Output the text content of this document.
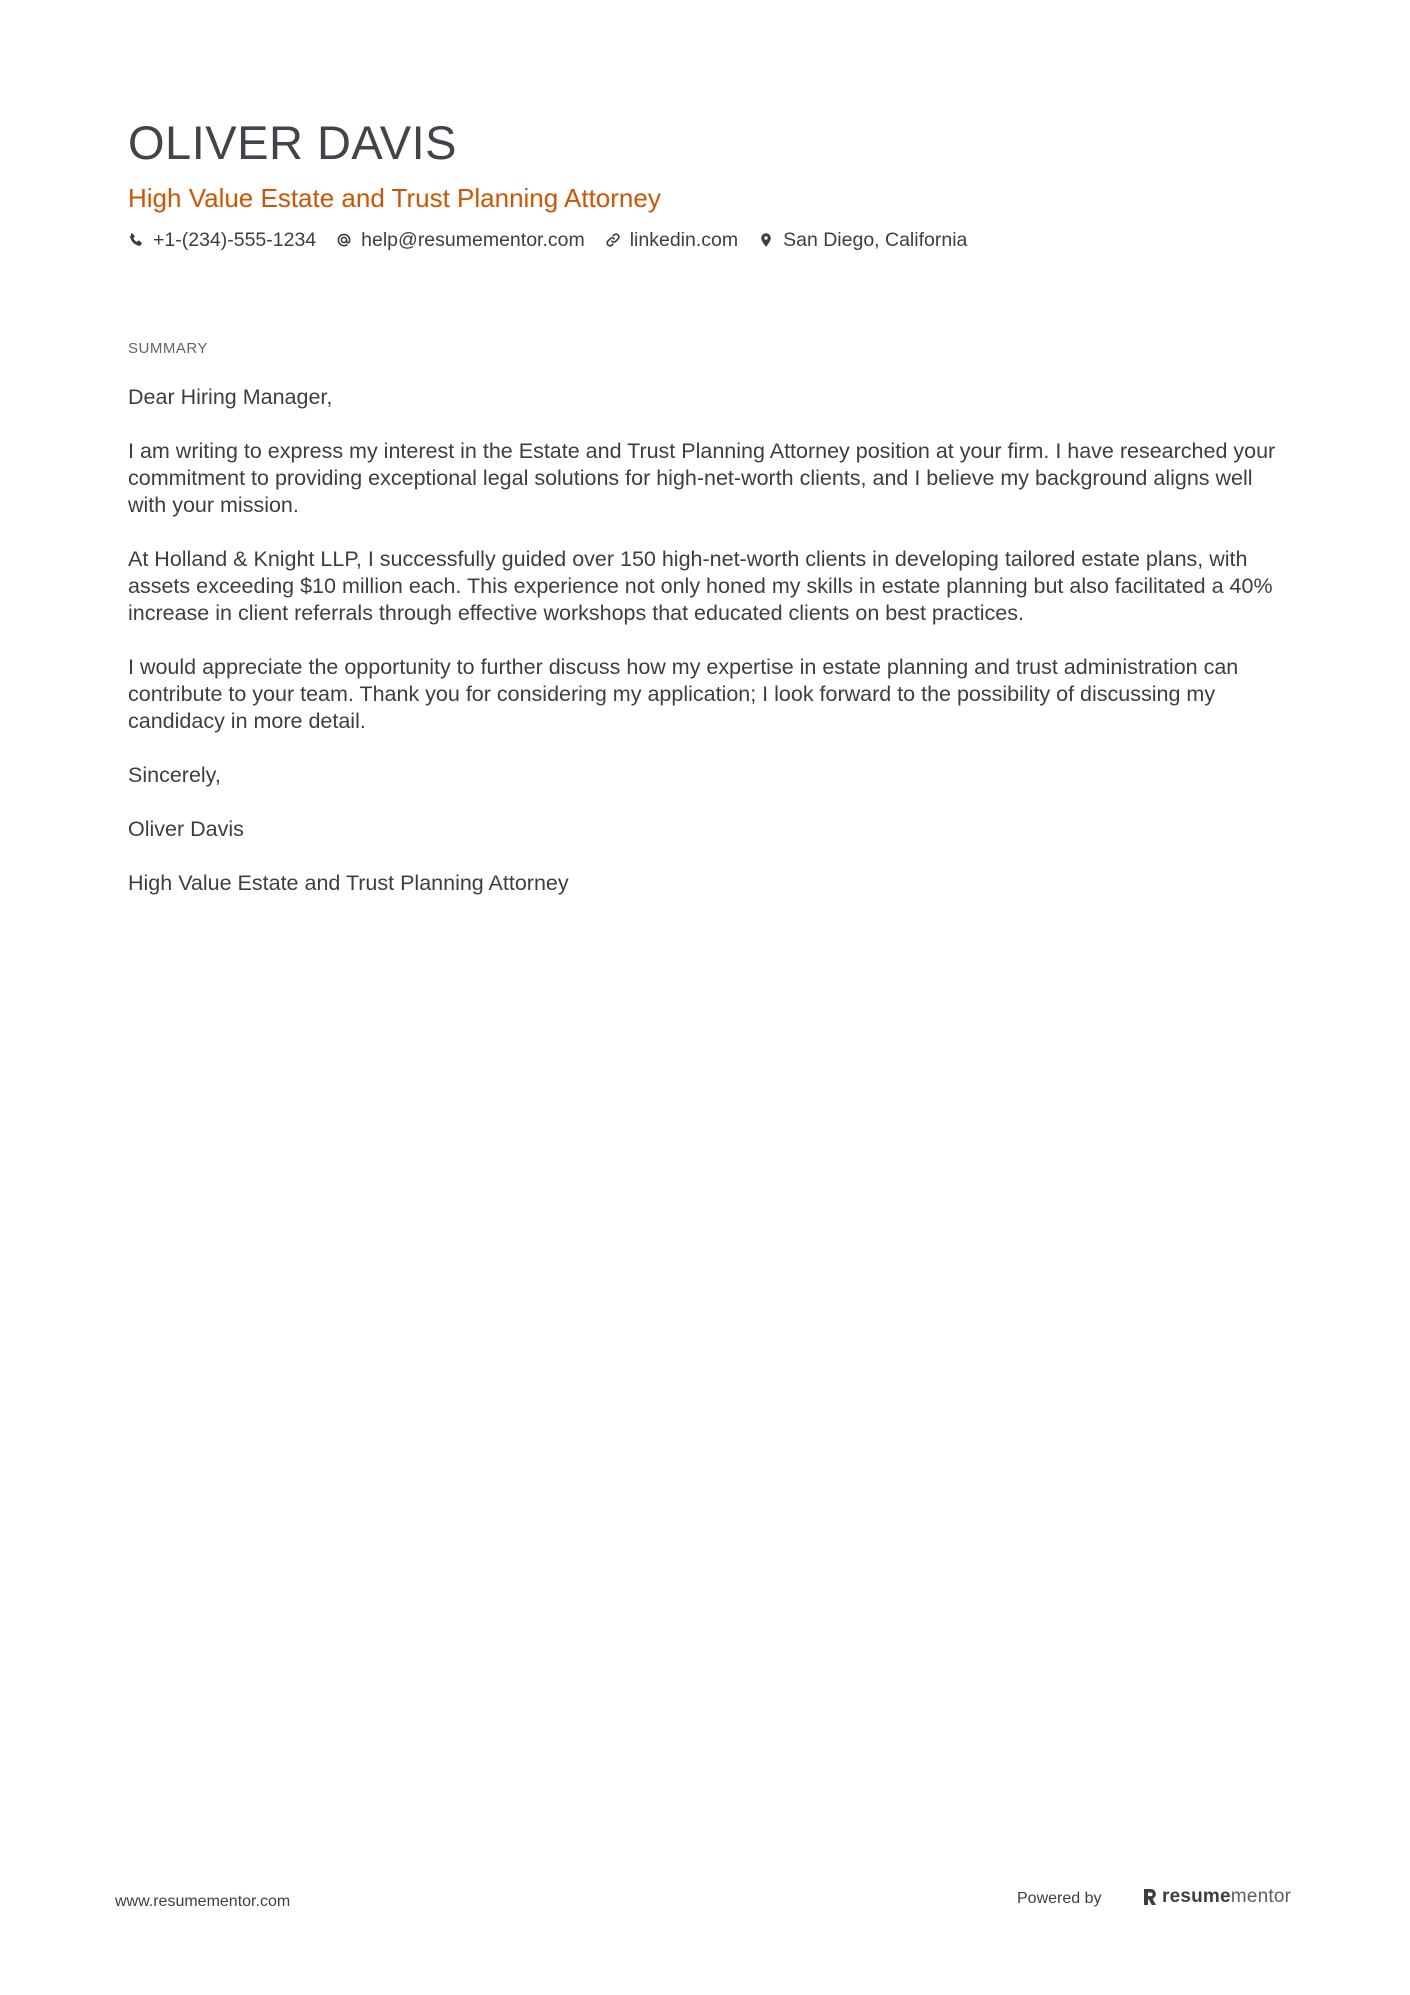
OLIVER DAVIS
High Value Estate and Trust Planning Attorney
+1-(234)-555-1234 help@resumementor.com linkedin.com San Diego, California
SUMMARY

Dear Hiring Manager,

I am writing to express my interest in the Estate and Trust Planning Attorney position at your firm. I have researched your commitment to providing exceptional legal solutions for high-net-worth clients, and I believe my background aligns well with your mission.

At Holland & Knight LLP, I successfully guided over 150 high-net-worth clients in developing tailored estate plans, with assets exceeding $10 million each. This experience not only honed my skills in estate planning but also facilitated a 40% increase in client referrals through effective workshops that educated clients on best practices.

I would appreciate the opportunity to further discuss how my expertise in estate planning and trust administration can contribute to your team. Thank you for considering my application; I look forward to the possibility of discussing my candidacy in more detail.

Sincerely,

Oliver Davis

High Value Estate and Trust Planning Attorney

www.resumementor.com	Powered by	resumementor
